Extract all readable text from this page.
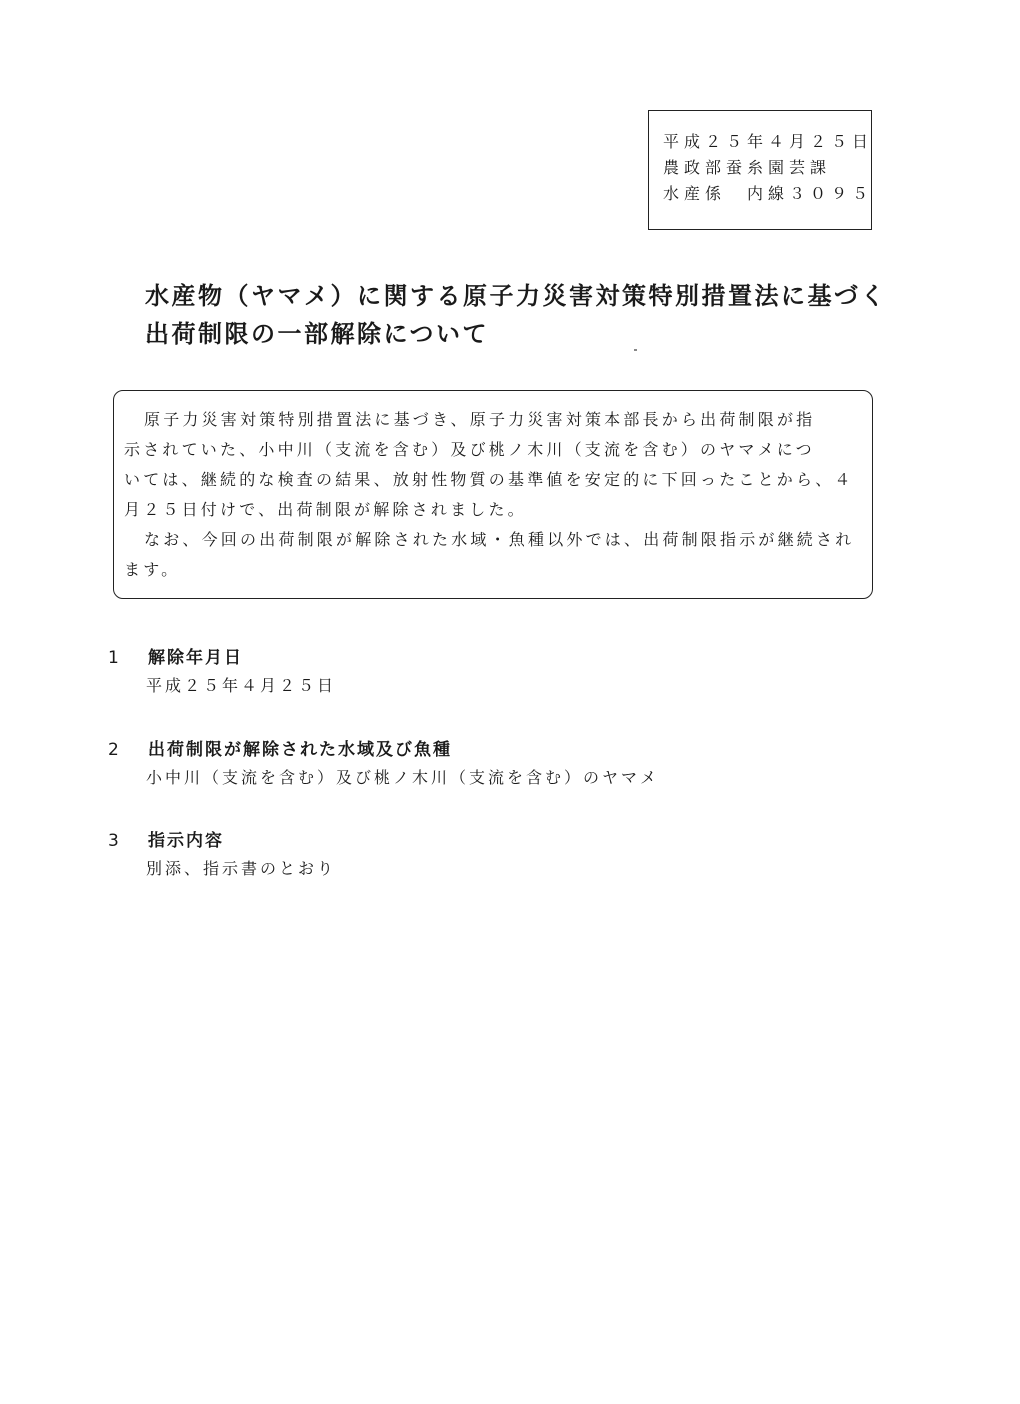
平成２５年４月２５日
農政部蚕糸園芸課
水産係　内線３０９５
水産物（ヤマメ）に関する原子力災害対策特別措置法に基づく
出荷制限の一部解除について
原子力災害対策特別措置法に基づき、原子力災害対策本部長から出荷制限が指
示されていた、小中川（支流を含む）及び桃ノ木川（支流を含む）のヤマメにつ
いては、継続的な検査の結果、放射性物質の基準値を安定的に下回ったことから、４
月２５日付けで、出荷制限が解除されました。
なお、今回の出荷制限が解除された水域・魚種以外では、出荷制限指示が継続され
ます。
1	解除年月日
平成２５年４月２５日
2	出荷制限が解除された水域及び魚種
小中川（支流を含む）及び桃ノ木川（支流を含む）のヤマメ
3	指示内容
別添、指示書のとおり
